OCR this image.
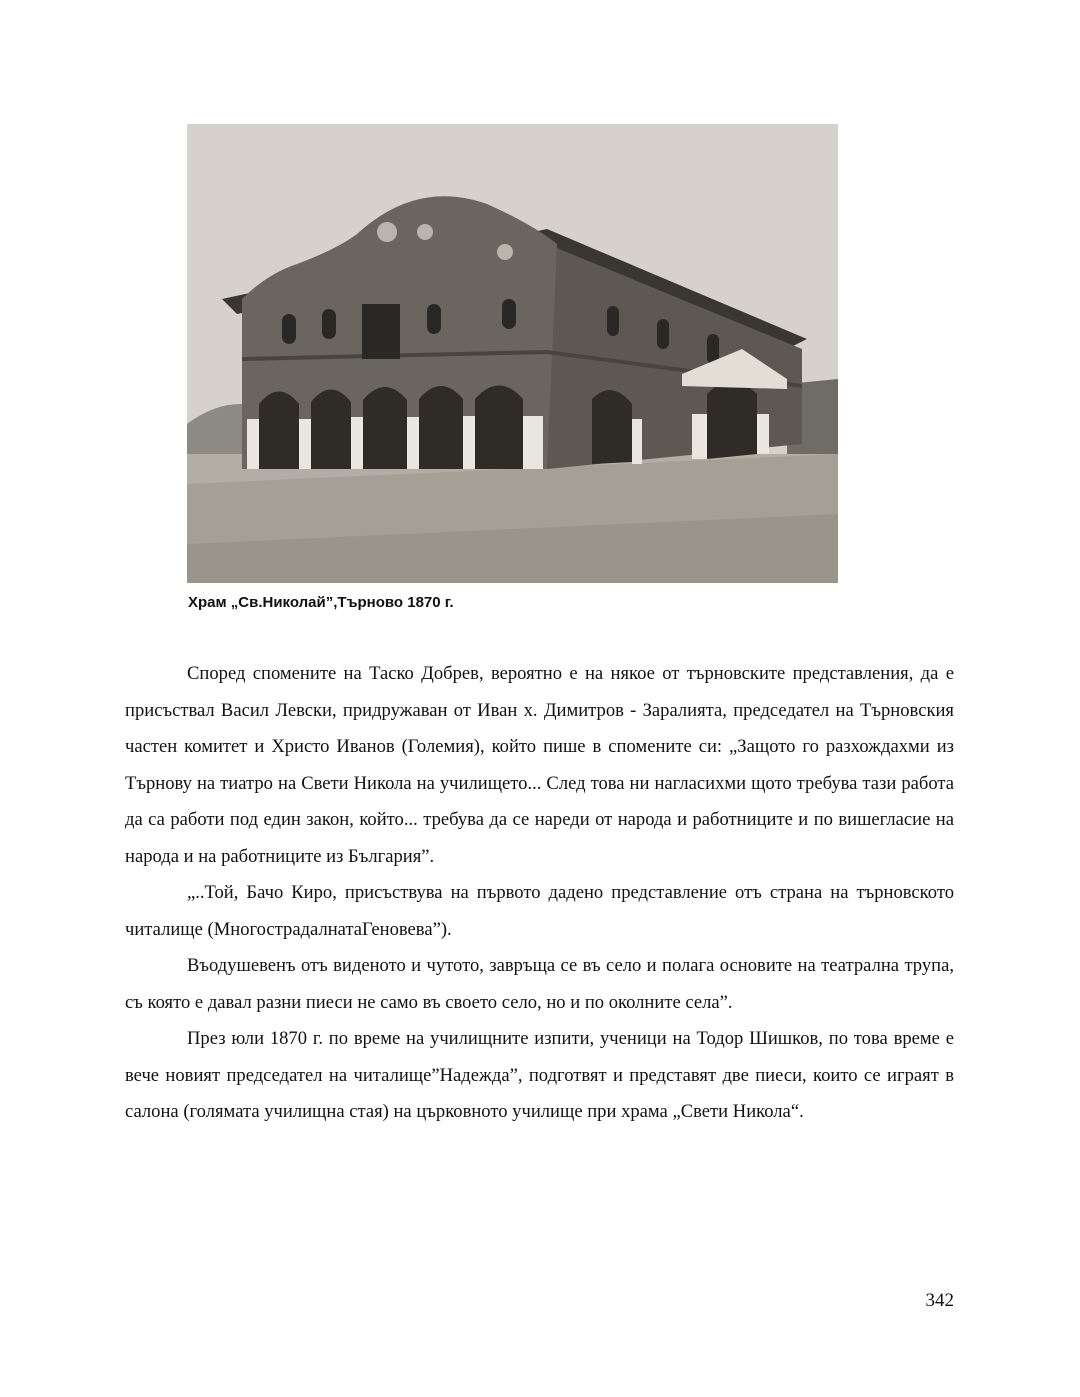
Храм „Св.Николай”,Търново 1870 г.

Според спомените на Таско Добрев, вероятно е на някое от търновските представления, да е присъствал Васил Левски, придружаван от Иван х. Димитров - Заралията, председател на Търновския частен комитет и Христо Иванов (Големия), който пише в спомените си: „Защото го разхождахми из Търнову на тиатро на Свети Никола на училището... След това ни нагласихми щото требува тази работа да са работи под един закон, който... требува да се нареди от народа и работниците и по вишегласие на народа и на работниците из България”.

„..Той, Бачо Киро, присъствува на първото дадено представление отъ страна на търновското читалище (МногострадалнатаГеновева”).

Въодушевенъ отъ виденото и чутото, завръща се въ село и полага основите на театрална трупа, съ която е давал разни пиеси не само въ своето село, но и по околните села”.

През юли 1870 г. по време на училищните изпити, ученици на Тодор Шишков, по това време е вече новият председател на читалище”Надежда”, подготвят и представят две пиеси, които се играят в салона (голямата училищна стая) на църковното училище при храма „Свети Никола“.

342
